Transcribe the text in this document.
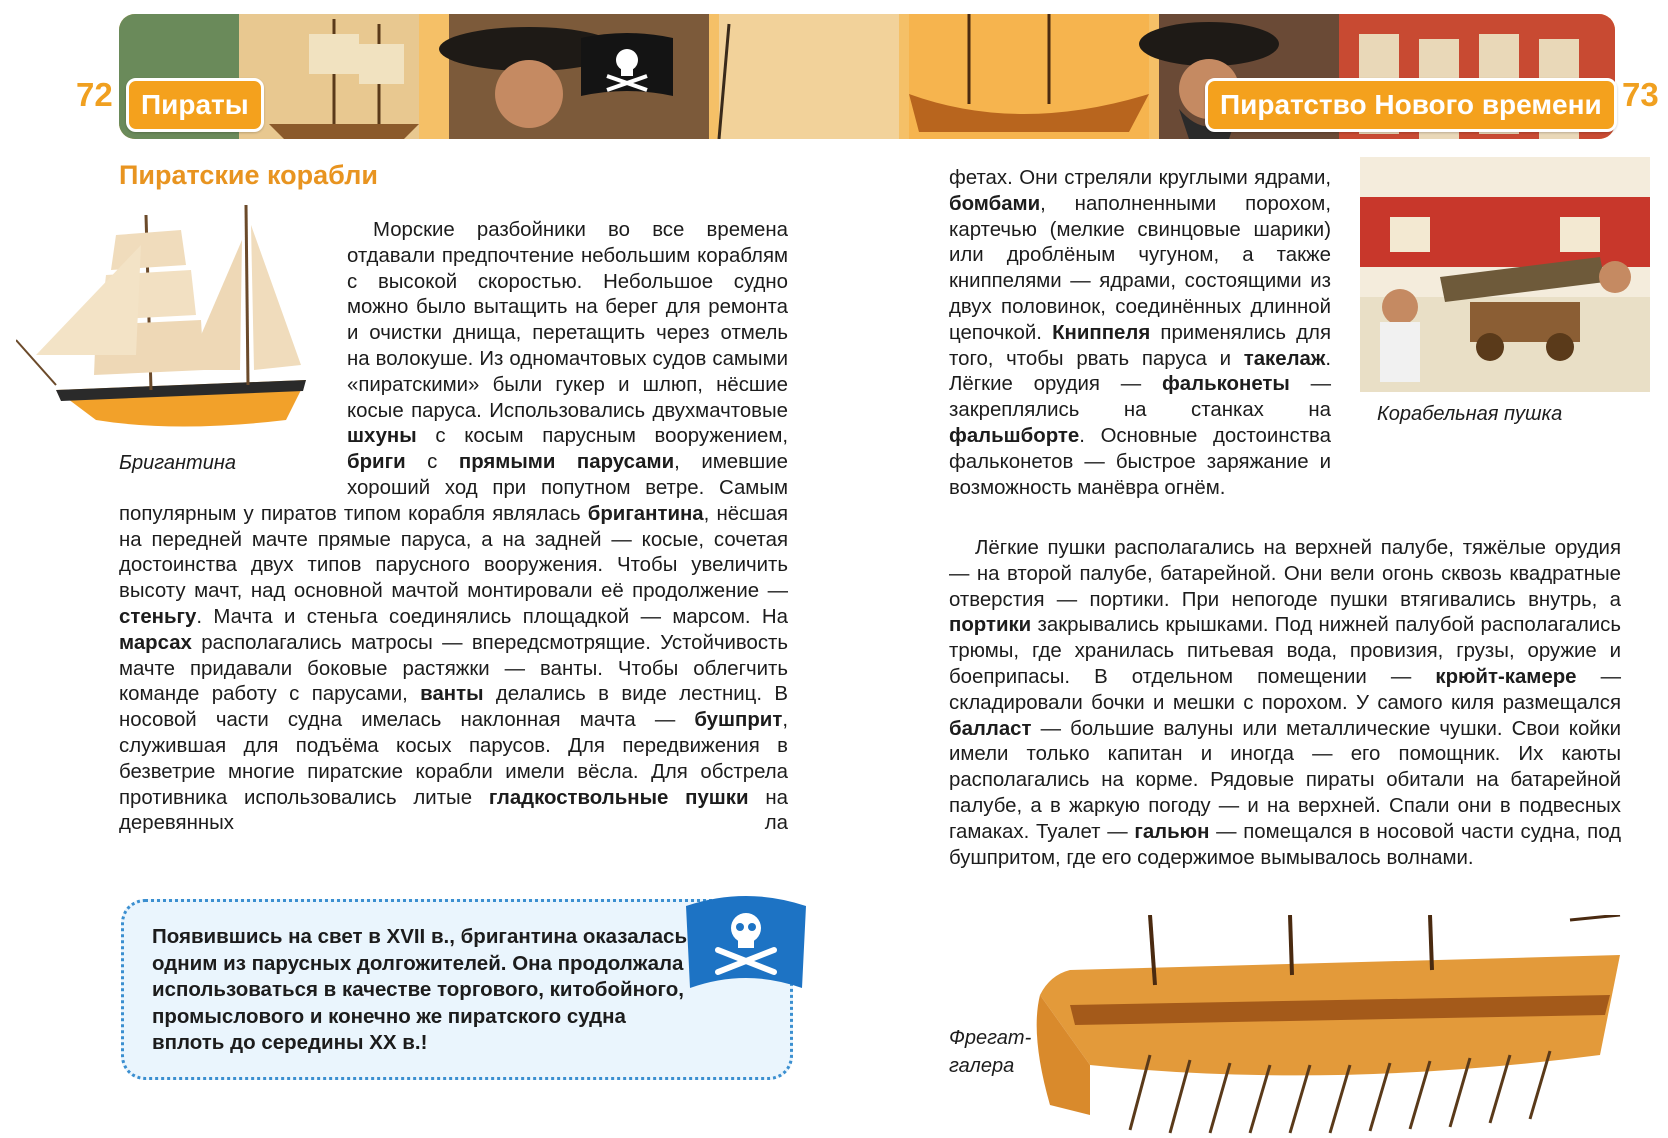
72	73
Пираты	Пиратство Нового времени
Пиратские корабли
Бригантина

Морские разбойники во все времена отдавали предпочтение небольшим кораблям с высокой скоростью. Небольшое судно можно было вытащить на берег для ремонта и очистки днища, перетащить через отмель на волокуше. Из одномачтовых судов самыми «пиратскими» были гукер и шлюп, нёсшие косые паруса. Использовались двухмачтовые шхуны с косым парусным вооружением, бриги с прямыми парусами, имевшие хороший ход при попутном ветре. Самым популярным у пиратов типом корабля являлась бригантина, нёсшая на передней мачте прямые паруса, а на задней — косые, сочетая достоинства двух типов парусного вооружения. Чтобы увеличить высоту мачт, над основной мачтой монтировали её продолжение — стеньгу. Мачта и стеньга соединялись площадкой — марсом. На марсах располагались матросы — впередсмотрящие. Устойчивость мачте придавали боковые растяжки — ванты. Чтобы облегчить команде работу с парусами, ванты делались в виде лестниц. В носовой части судна имелась наклонная мачта — бушприт, служившая для подъёма косых парусов. Для передвижения в безветрие многие пиратские корабли имели вёсла. Для обстрела противника использовались литые гладкоствольные пушки на деревянных ла

Появившись на свет в XVII в., бригантина оказалась одним из парусных долгожителей. Она продолжала использоваться в качестве торгового, китобойного, промыслового и конечно же пиратского судна вплоть до середины XX в.!
Корабельная пушка

фетах. Они стреляли круглыми ядрами, бомбами, наполненными порохом, картечью (мелкие свинцовые шарики) или дроблёным чугуном, а также книппелями — ядрами, состоящими из двух половинок, соединённых длинной цепочкой. Книппеля применялись для того, чтобы рвать паруса и такелаж. Лёгкие орудия — фальконеты — закреплялись на станках на фальшборте. Основные достоинства фальконетов — быстрое заряжание и возможность манёвра огнём.

Лёгкие пушки располагались на верхней палубе, тяжёлые орудия — на второй палубе, батарейной. Они вели огонь сквозь квадратные отверстия — портики. При непогоде пушки втягивались внутрь, а портики закрывались крышками. Под нижней палубой располагались трюмы, где хранилась питьевая вода, провизия, грузы, оружие и боеприпасы. В отдельном помещении — крюйт-камере — складировали бочки и мешки с порохом. У самого киля размещался балласт — большие валуны или металлические чушки. Свои койки имели только капитан и иногда — его помощник. Их каюты располагались на корме. Рядовые пираты обитали на батарейной палубе, а в жаркую погоду — и на верхней. Спали они в подвесных гамаках. Туалет — гальюн — помещался в носовой части судна, под бушпритом, где его содержимое вымывалось волнами.

Фрегат-галера
